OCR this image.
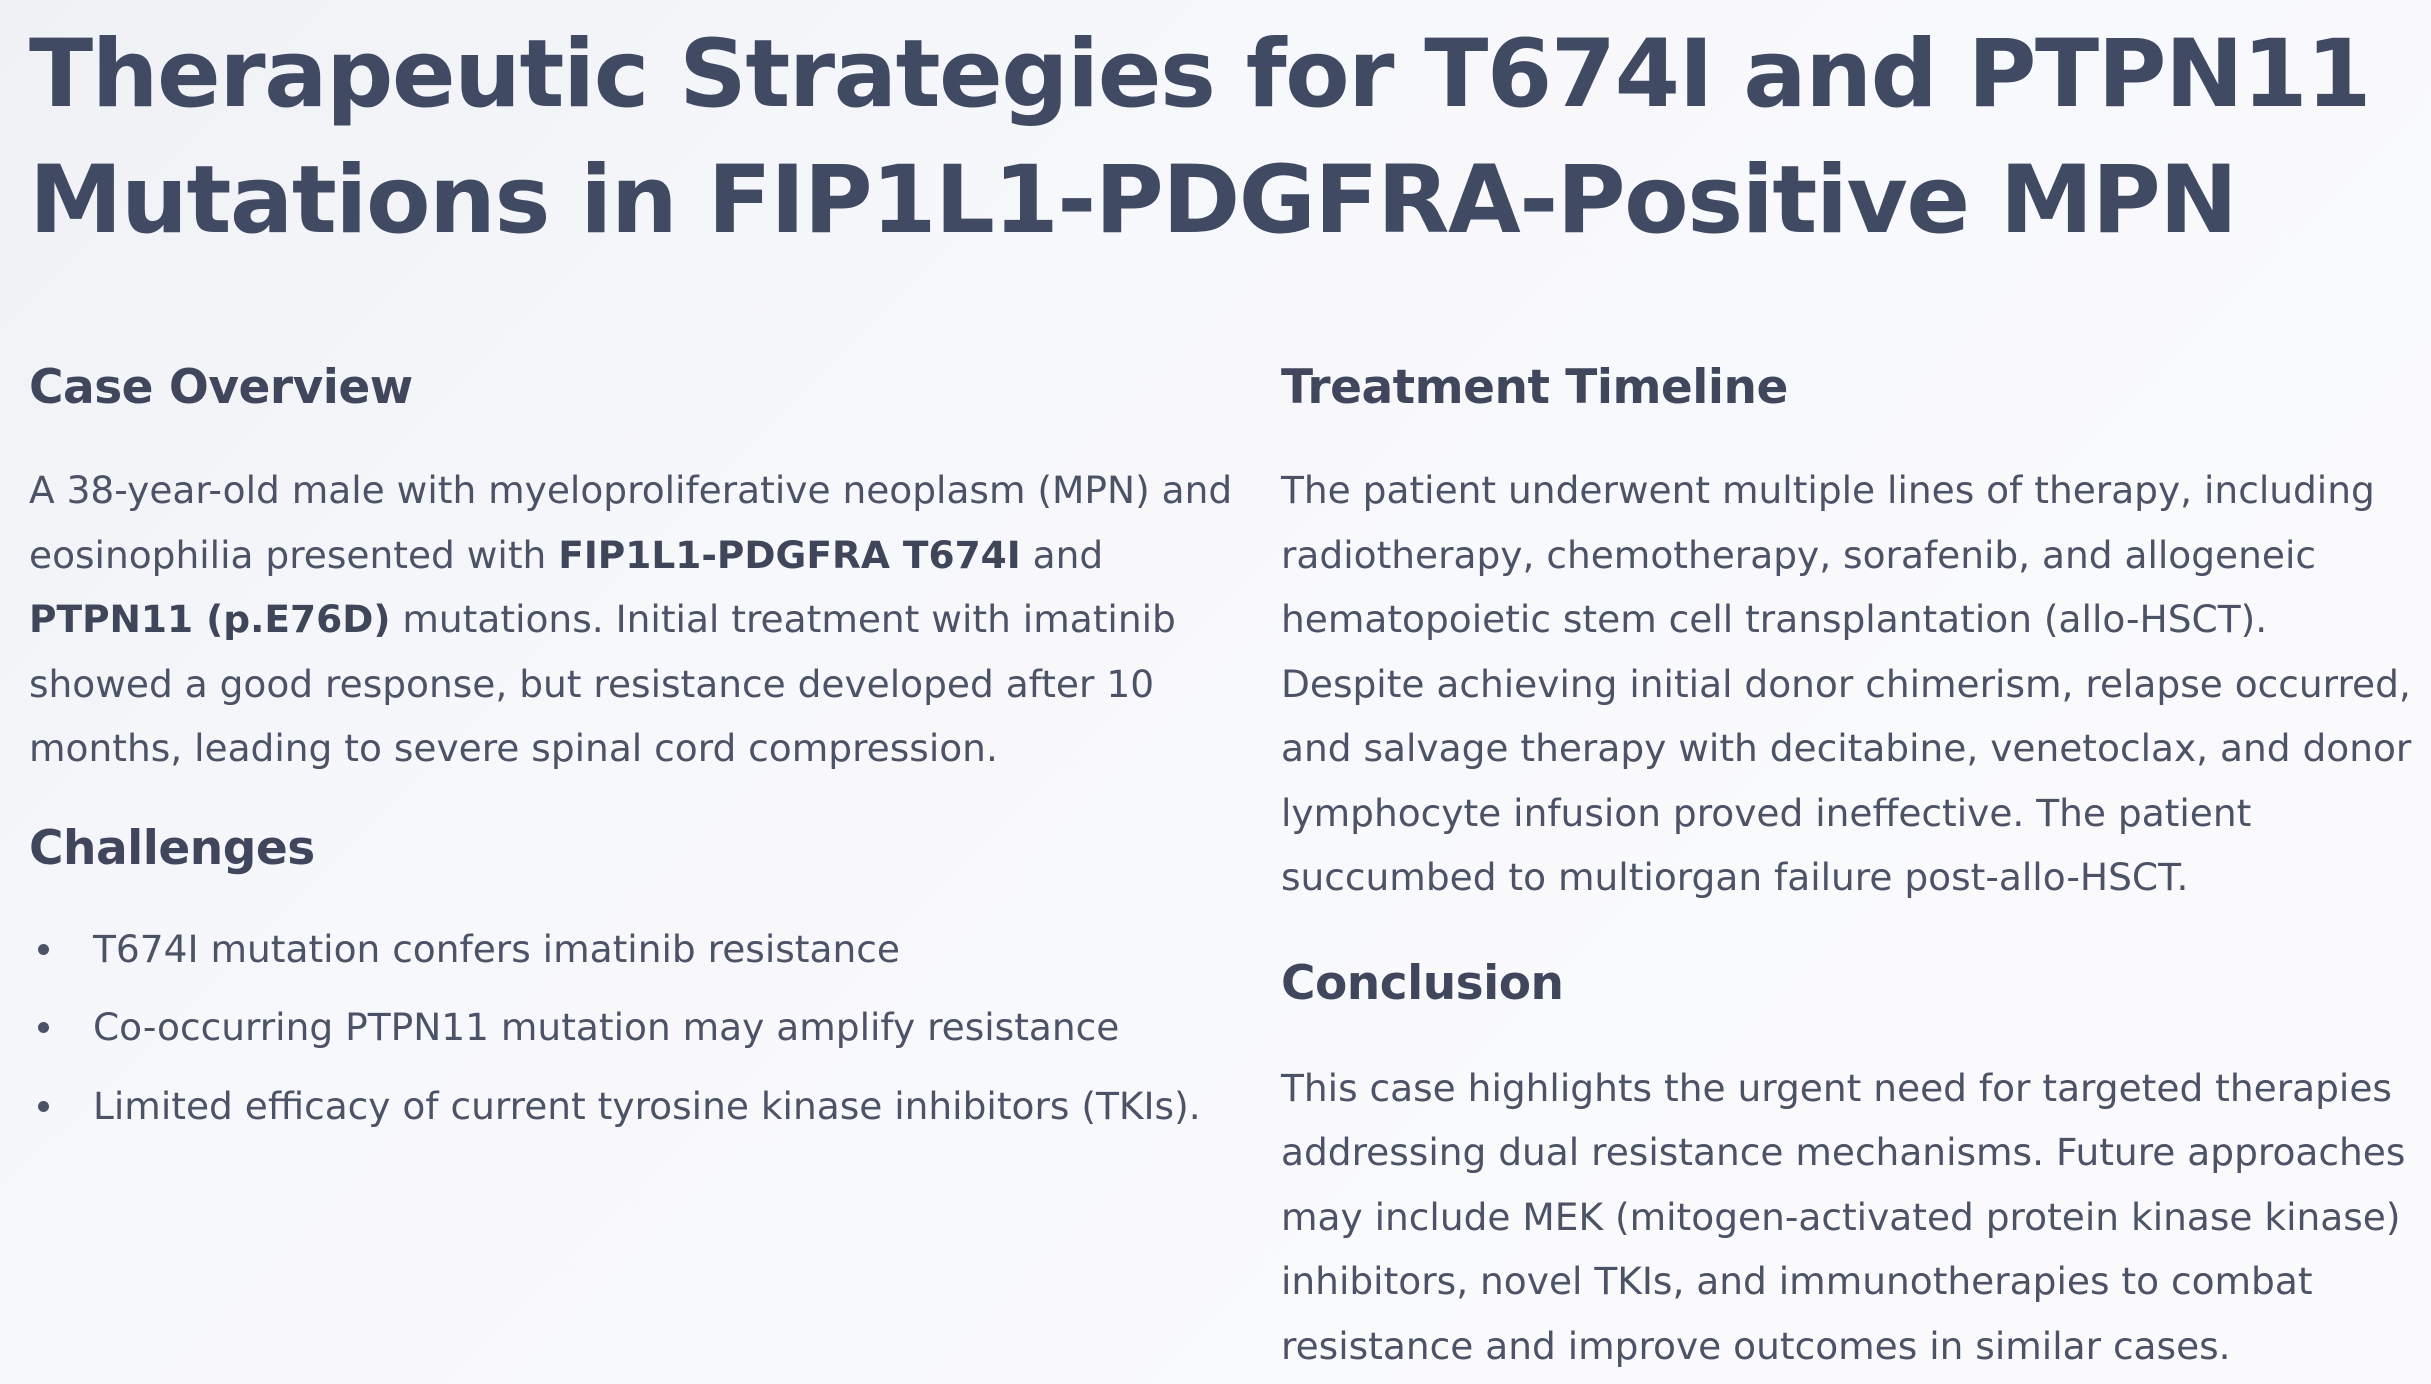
Therapeutic Strategies for T674I and PTPN11 Mutations in FIP1L1-PDGFRA-Positive MPN
Case Overview

A 38-year-old male with myeloproliferative neoplasm (MPN) and eosinophilia presented with FIP1L1-PDGFRA T674I and PTPN11 (p.E76D) mutations. Initial treatment with imatinib showed a good response, but resistance developed after 10 months, leading to severe spinal cord compression.

Challenges
T674I mutation confers imatinib resistance
Co-occurring PTPN11 mutation may amplify resistance
Limited efficacy of current tyrosine kinase inhibitors (TKIs).
Treatment Timeline

The patient underwent multiple lines of therapy, including radiotherapy, chemotherapy, sorafenib, and allogeneic hematopoietic stem cell transplantation (allo-HSCT). Despite achieving initial donor chimerism, relapse occurred, and salvage therapy with decitabine, venetoclax, and donor lymphocyte infusion proved ineffective. The patient succumbed to multiorgan failure post-allo-HSCT.

Conclusion

This case highlights the urgent need for targeted therapies addressing dual resistance mechanisms. Future approaches may include MEK (mitogen-activated protein kinase kinase) inhibitors, novel TKIs, and immunotherapies to combat resistance and improve outcomes in similar cases.
